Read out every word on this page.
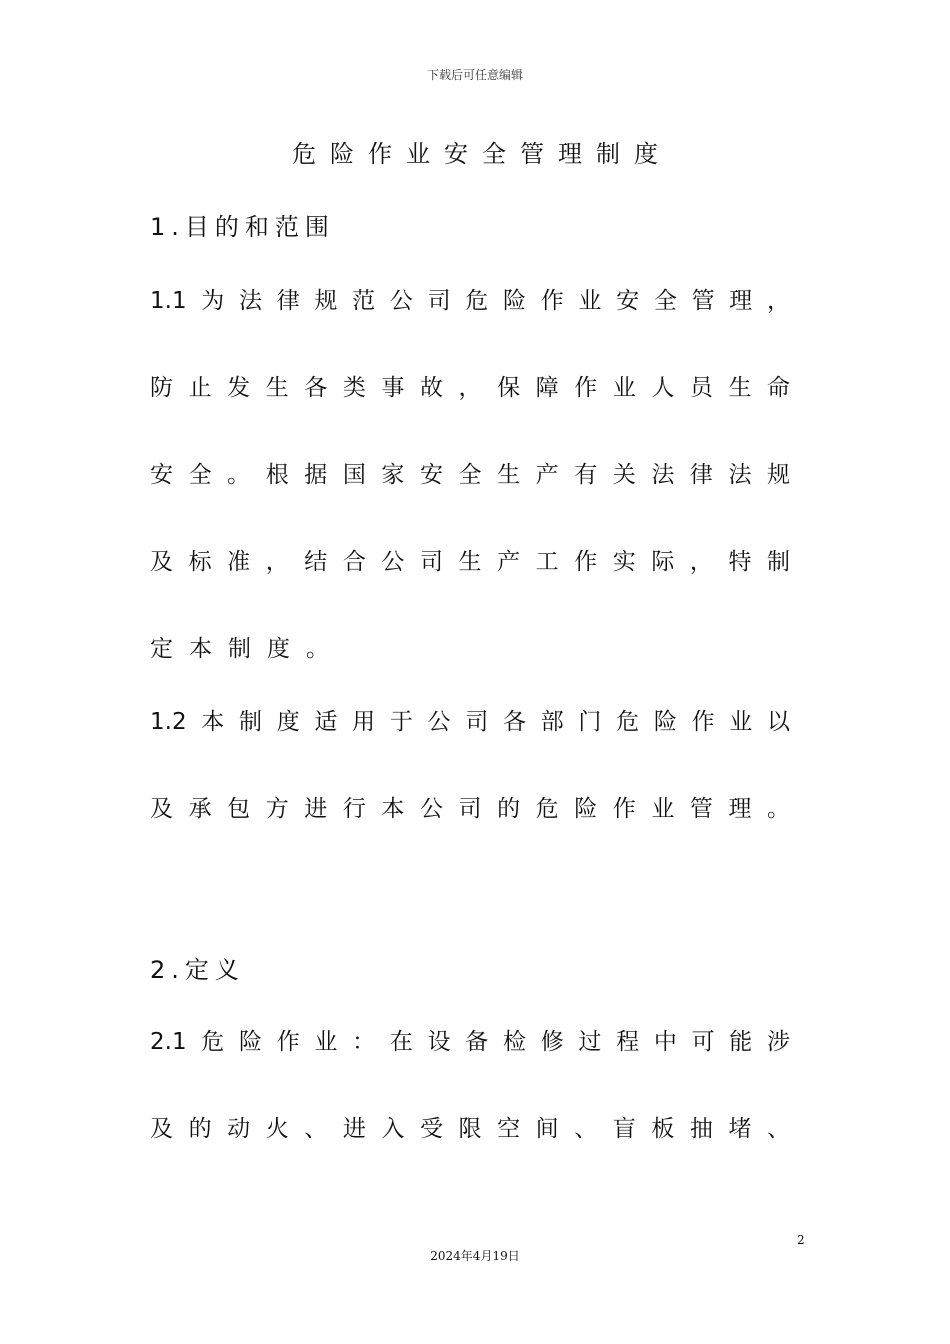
下载后可任意编辑
危险作业安全管理制度
1.目的和范围
1.1为法律规范公司危险作业安全管理，
防止发生各类事故，保障作业人员生命
安全。根据国家安全生产有关法律法规
及标准，结合公司生产工作实际，特制
定本制度。
1.2本制度适用于公司各部门危险作业以
及承包方进行本公司的危险作业管理。
2.定义
2.1危险作业：在设备检修过程中可能涉
及的动火、进入受限空间、盲板抽堵、
2
2024年4月19日
